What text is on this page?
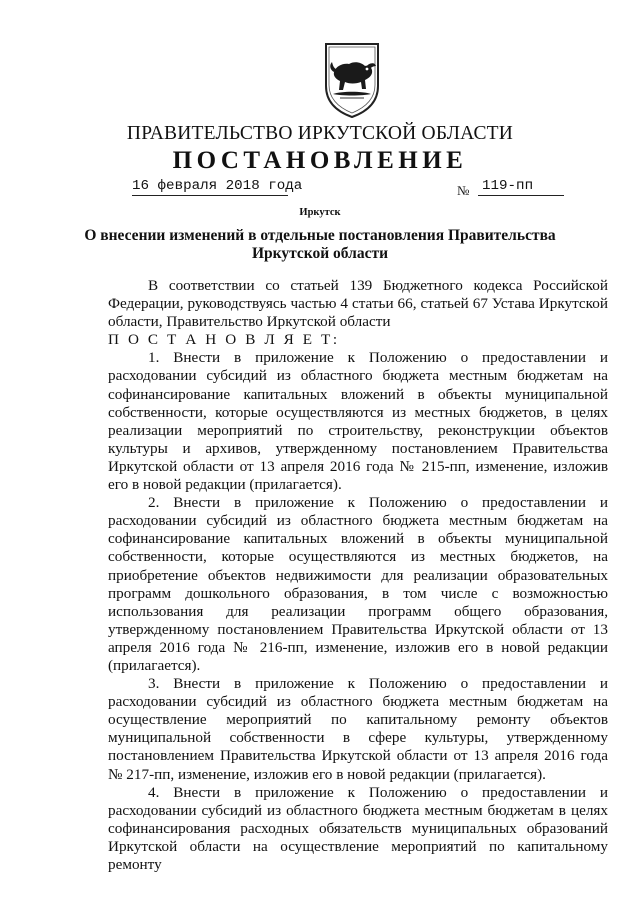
ПРАВИТЕЛЬСТВО ИРКУТСКОЙ ОБЛАСТИ
ПОСТАНОВЛЕНИЕ
16 февраля 2018 года	№ 119-пп
Иркутск
О внесении изменений в отдельные постановления Правительства
Иркутской области

В соответствии со статьей 139 Бюджетного кодекса Российской Федерации, руководствуясь частью 4 статьи 66, статьей 67 Устава Иркутской области, Правительство Иркутской области

П О С Т А Н О В Л Я Е Т:

1. Внести в приложение к Положению о предоставлении и расходовании субсидий из областного бюджета местным бюджетам на софинансирование капитальных вложений в объекты муниципальной собственности, которые осуществляются из местных бюджетов, в целях реализации мероприятий по строительству, реконструкции объектов культуры и архивов, утвержденному постановлением Правительства Иркутской области от 13 апреля 2016 года № 215-пп, изменение, изложив его в новой редакции (прилагается).

2. Внести в приложение к Положению о предоставлении и расходовании субсидий из областного бюджета местным бюджетам на софинансирование капитальных вложений в объекты муниципальной собственности, которые осуществляются из местных бюджетов, на приобретение объектов недвижимости для реализации образовательных программ дошкольного образования, в том числе с возможностью использования для реализации программ общего образования, утвержденному постановлением Правительства Иркутской области от 13 апреля 2016 года № 216-пп, изменение, изложив его в новой редакции (прилагается).

3. Внести в приложение к Положению о предоставлении и расходовании субсидий из областного бюджета местным бюджетам на осуществление мероприятий по капитальному ремонту объектов муниципальной собственности в сфере культуры, утвержденному постановлением Правительства Иркутской области от 13 апреля 2016 года № 217-пп, изменение, изложив его в новой редакции (прилагается).

4. Внести в приложение к Положению о предоставлении и расходовании субсидий из областного бюджета местным бюджетам в целях софинансирования расходных обязательств муниципальных образований Иркутской области на осуществление мероприятий по капитальному ремонту
